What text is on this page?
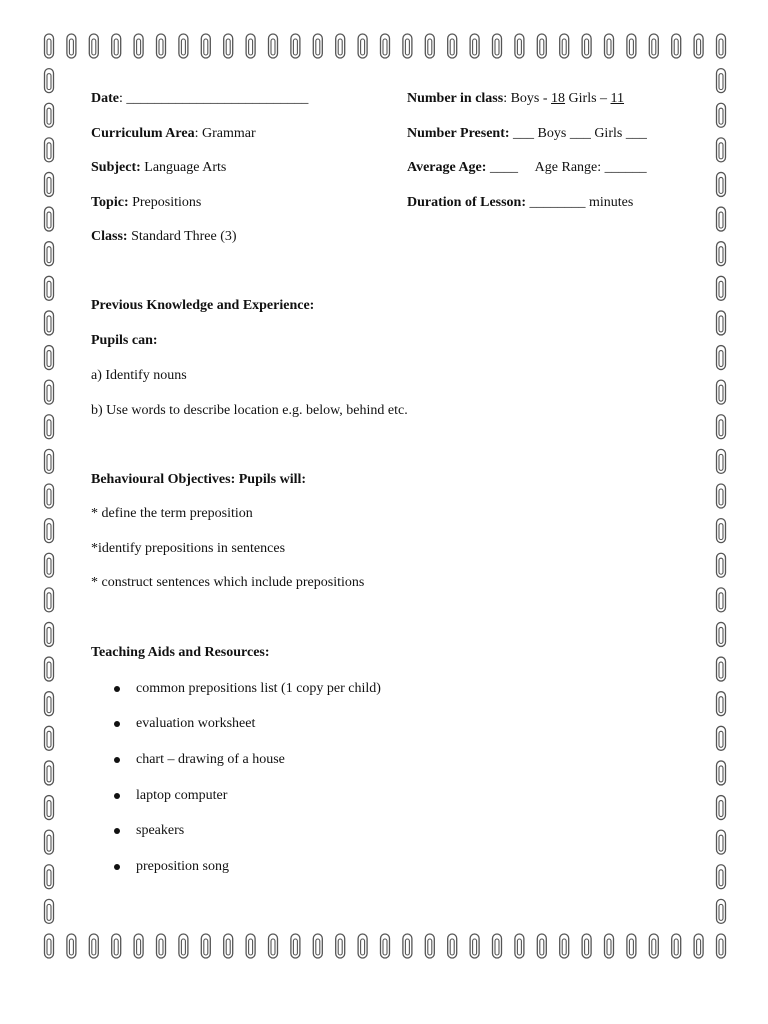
Date: __________________________
Curriculum Area: Grammar
Subject: Language Arts
Topic: Prepositions
Class: Standard Three (3)
Number in class: Boys - 18 Girls – 11
Number Present: ___ Boys ___ Girls ___
Average Age: ____     Age Range: ______
Duration of Lesson: ________ minutes
Previous Knowledge and Experience:
Pupils can:
a) Identify nouns
b) Use words to describe location e.g. below, behind etc.
Behavioural Objectives: Pupils will:
* define the term preposition
*identify prepositions in sentences
* construct sentences which include prepositions
Teaching Aids and Resources:
common prepositions list (1 copy per child)
evaluation worksheet
chart – drawing of a house
laptop computer
speakers
preposition song
